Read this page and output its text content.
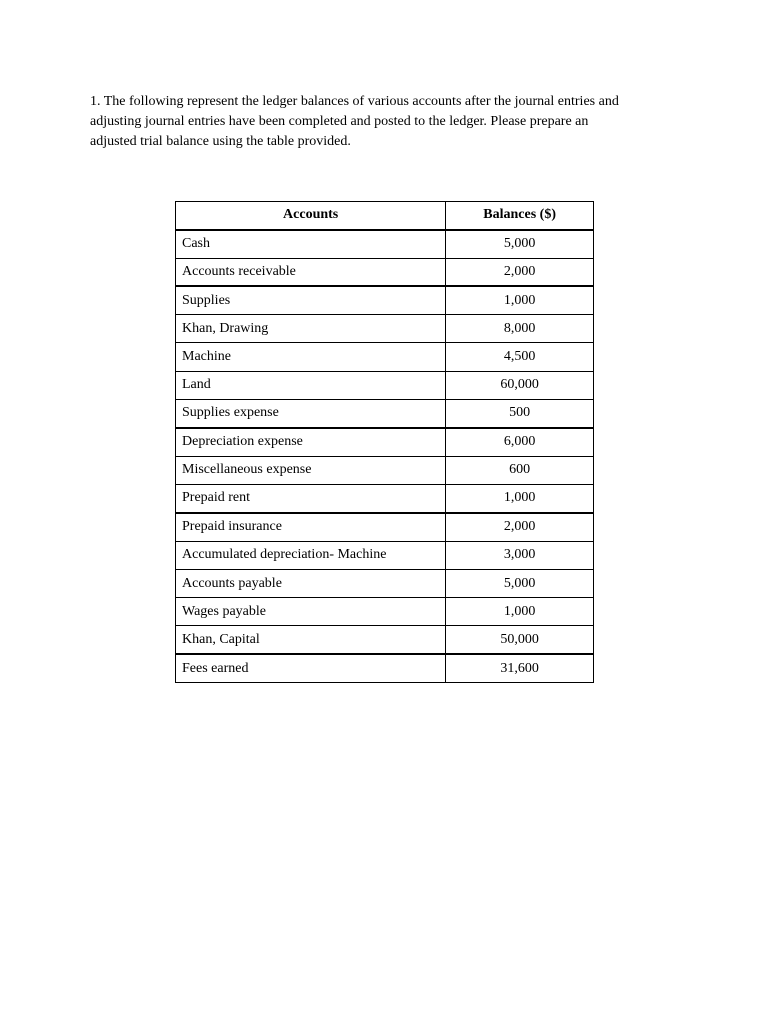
1. The following represent the ledger balances of various accounts after the journal entries and
adjusting journal entries have been completed and posted to the ledger. Please prepare an
adjusted trial balance using the table provided.
Accounts	Balances ($)
Cash	5,000
Accounts receivable	2,000
Supplies	1,000
Khan, Drawing	8,000
Machine	4,500
Land	60,000
Supplies expense	500
Depreciation expense	6,000
Miscellaneous expense	600
Prepaid rent	1,000
Prepaid insurance	2,000
Accumulated depreciation- Machine	3,000
Accounts payable	5,000
Wages payable	1,000
Khan, Capital	50,000
Fees earned	31,600
